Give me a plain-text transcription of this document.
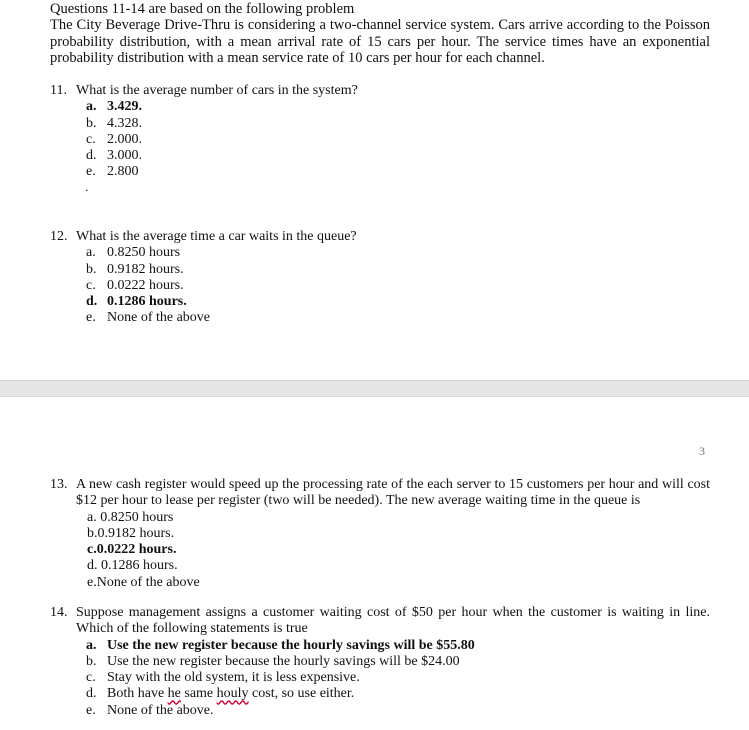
Questions 11-14 are based on the following problem
The City Beverage Drive-Thru is considering a two-channel service system. Cars arrive according to the Poisson probability distribution, with a mean arrival rate of 15 cars per hour. The service times have an exponential probability distribution with a mean service rate of 10 cars per hour for each channel.
11. What is the average number of cars in the system?
a. 3.429.
b. 4.328.
c. 2.000.
d. 3.000.
e. 2.800
.
12. What is the average time a car waits in the queue?
a. 0.8250 hours
b. 0.9182 hours.
c. 0.0222 hours.
d. 0.1286 hours.
e. None of the above
3
13. A new cash register would speed up the processing rate of the each server to 15 customers per hour and will cost $12 per hour to lease per register (two will be needed). The new average waiting time in the queue is
a. 0.8250 hours
b. 0.9182 hours.
c. 0.0222 hours.
d. 0.1286 hours.
e. None of the above
14. Suppose management assigns a customer waiting cost of $50 per hour when the customer is waiting in line. Which of the following statements is true
a. Use the new register because the hourly savings will be $55.80
b. Use the new register because the hourly savings will be $24.00
c. Stay with the old system, it is less expensive.
d. Both have he same houly cost, so use either.
e. None of the above.
